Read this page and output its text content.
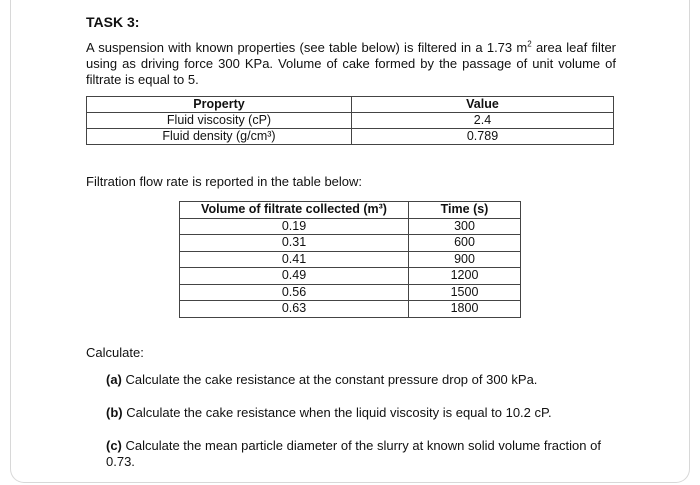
TASK 3:

A suspension with known properties (see table below) is filtered in a 1.73 $m^2$ area leaf filter using as driving force 300 KPa. Volume of cake formed by the passage of unit volume of filtrate is equal to 5.

Property	Value
Fluid viscosity (cP)	2.4
Fluid density (g/cm³)	0.789
Filtration flow rate is reported in the table below:
Volume of filtrate collected (m³)	Time (s)
0.19	300
0.31	600
0.41	900
0.49	1200
0.56	1500
0.63	1800
Calculate:
(a) Calculate the cake resistance at the constant pressure drop of 300 kPa.
(b) Calculate the cake resistance when the liquid viscosity is equal to 10.2 cP.
(c) Calculate the mean particle diameter of the slurry at known solid volume fraction of 0.73.
